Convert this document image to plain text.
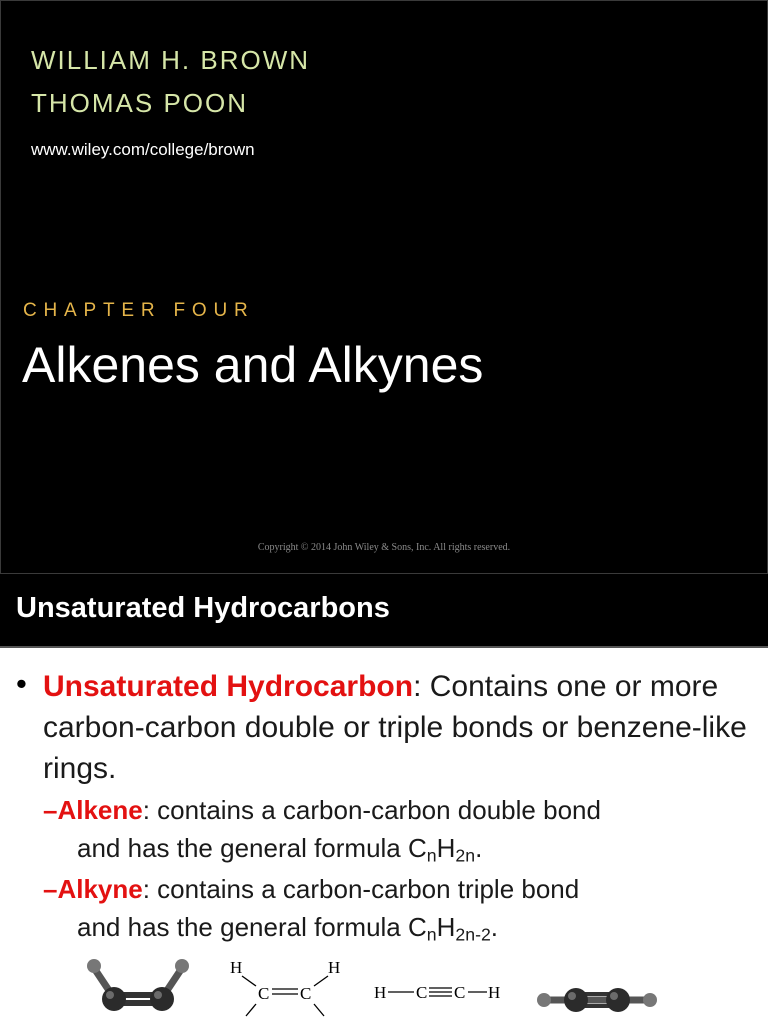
WILLIAM H. BROWN
THOMAS POON
www.wiley.com/college/brown
CHAPTER FOUR
Alkenes and Alkynes
Copyright © 2014 John Wiley & Sons, Inc. All rights reserved.
Unsaturated Hydrocarbons
• Unsaturated Hydrocarbon: Contains one or more carbon-carbon double or triple bonds or benzene-like rings.
–Alkene: contains a carbon-carbon double bond
and has the general formula $C_nH_{2n}$.
–Alkyne: contains a carbon-carbon triple bond
and has the general formula $C_nH_{2n-2}$.
H	H
C C	H C C H
